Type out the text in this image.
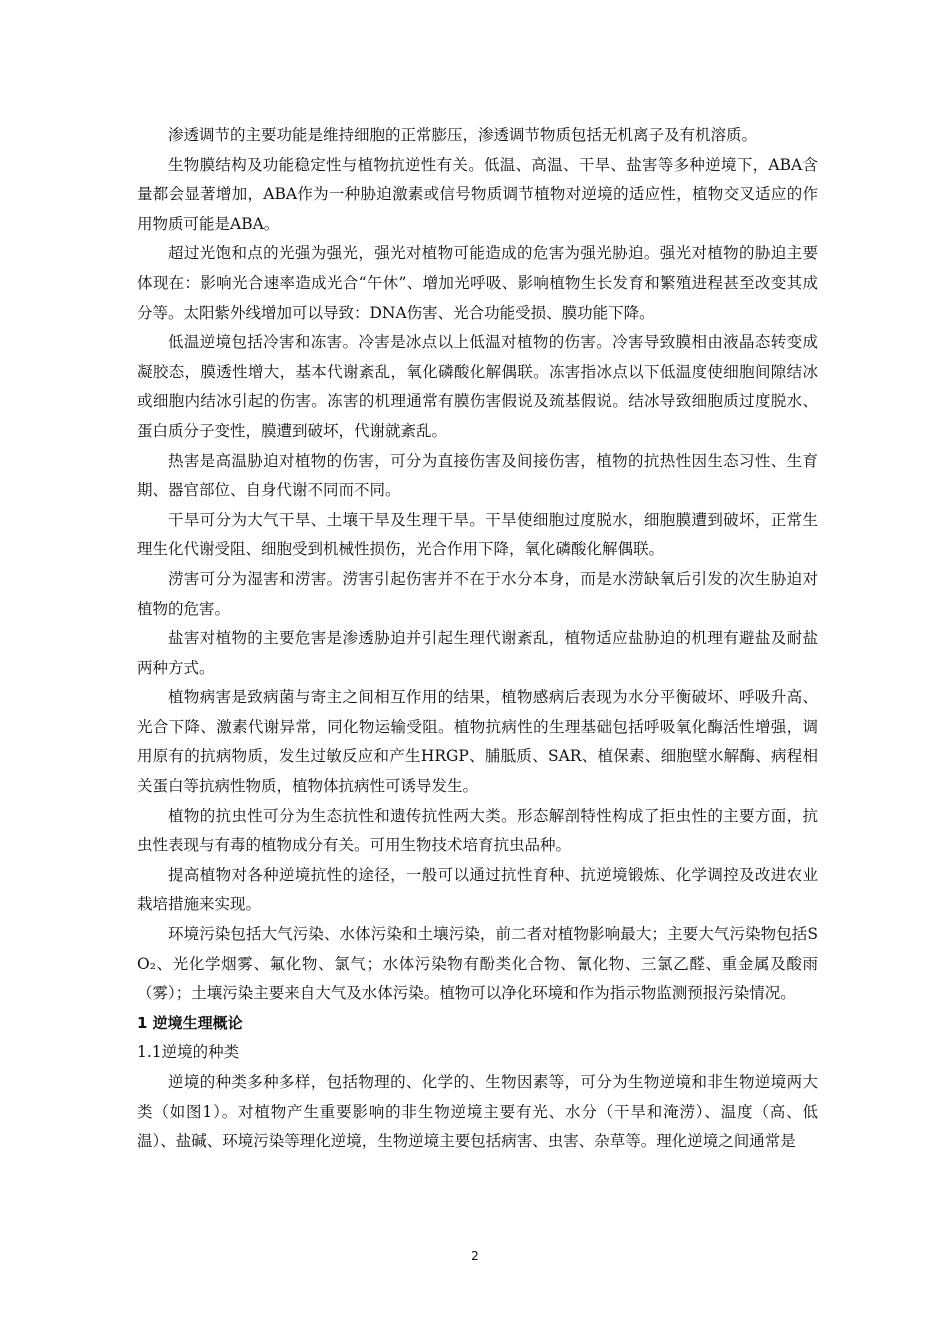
渗透调节的主要功能是维持细胞的正常膨压，渗透调节物质包括无机离子及有机溶质。

生物膜结构及功能稳定性与植物抗逆性有关。低温、高温、干旱、盐害等多种逆境下，ABA含量都会显著增加，ABA作为一种胁迫激素或信号物质调节植物对逆境的适应性，植物交叉适应的作用物质可能是ABA。

超过光饱和点的光强为强光，强光对植物可能造成的危害为强光胁迫。强光对植物的胁迫主要体现在：影响光合速率造成光合“午休”、增加光呼吸、影响植物生长发育和繁殖进程甚至改变其成分等。太阳紫外线增加可以导致：DNA伤害、光合功能受损、膜功能下降。

低温逆境包括冷害和冻害。冷害是冰点以上低温对植物的伤害。冷害导致膜相由液晶态转变成凝胶态，膜透性增大，基本代谢紊乱，氧化磷酸化解偶联。冻害指冰点以下低温度使细胞间隙结冰或细胞内结冰引起的伤害。冻害的机理通常有膜伤害假说及巯基假说。结冰导致细胞质过度脱水、蛋白质分子变性，膜遭到破坏，代谢就紊乱。

热害是高温胁迫对植物的伤害，可分为直接伤害及间接伤害，植物的抗热性因生态习性、生育期、器官部位、自身代谢不同而不同。

干旱可分为大气干旱、土壤干旱及生理干旱。干旱使细胞过度脱水，细胞膜遭到破坏，正常生理生化代谢受阻、细胞受到机械性损伤，光合作用下降，氧化磷酸化解偶联。

涝害可分为湿害和涝害。涝害引起伤害并不在于水分本身，而是水涝缺氧后引发的次生胁迫对植物的危害。

盐害对植物的主要危害是渗透胁迫并引起生理代谢紊乱，植物适应盐胁迫的机理有避盐及耐盐两种方式。

植物病害是致病菌与寄主之间相互作用的结果，植物感病后表现为水分平衡破坏、呼吸升高、光合下降、激素代谢异常，同化物运输受阻。植物抗病性的生理基础包括呼吸氧化酶活性增强，调用原有的抗病物质，发生过敏反应和产生HRGP、脯胝质、SAR、植保素、细胞壁水解酶、病程相关蛋白等抗病性物质，植物体抗病性可诱导发生。

植物的抗虫性可分为生态抗性和遗传抗性两大类。形态解剖特性构成了拒虫性的主要方面，抗虫性表现与有毒的植物成分有关。可用生物技术培育抗虫品种。

提高植物对各种逆境抗性的途径，一般可以通过抗性育种、抗逆境锻炼、化学调控及改进农业栽培措施来实现。

环境污染包括大气污染、水体污染和土壤污染，前二者对植物影响最大；主要大气污染物包括SO₂、光化学烟雾、氟化物、氯气；水体污染物有酚类化合物、氰化物、三氯乙醛、重金属及酸雨（雾）；土壤污染主要来自大气及水体污染。植物可以净化环境和作为指示物监测预报污染情况。

1 逆境生理概论

1.1逆境的种类

逆境的种类多种多样，包括物理的、化学的、生物因素等，可分为生物逆境和非生物逆境两大类（如图1）。对植物产生重要影响的非生物逆境主要有光、水分（干旱和淹涝）、温度（高、低温）、盐碱、环境污染等理化逆境，生物逆境主要包括病害、虫害、杂草等。理化逆境之间通常是

2
